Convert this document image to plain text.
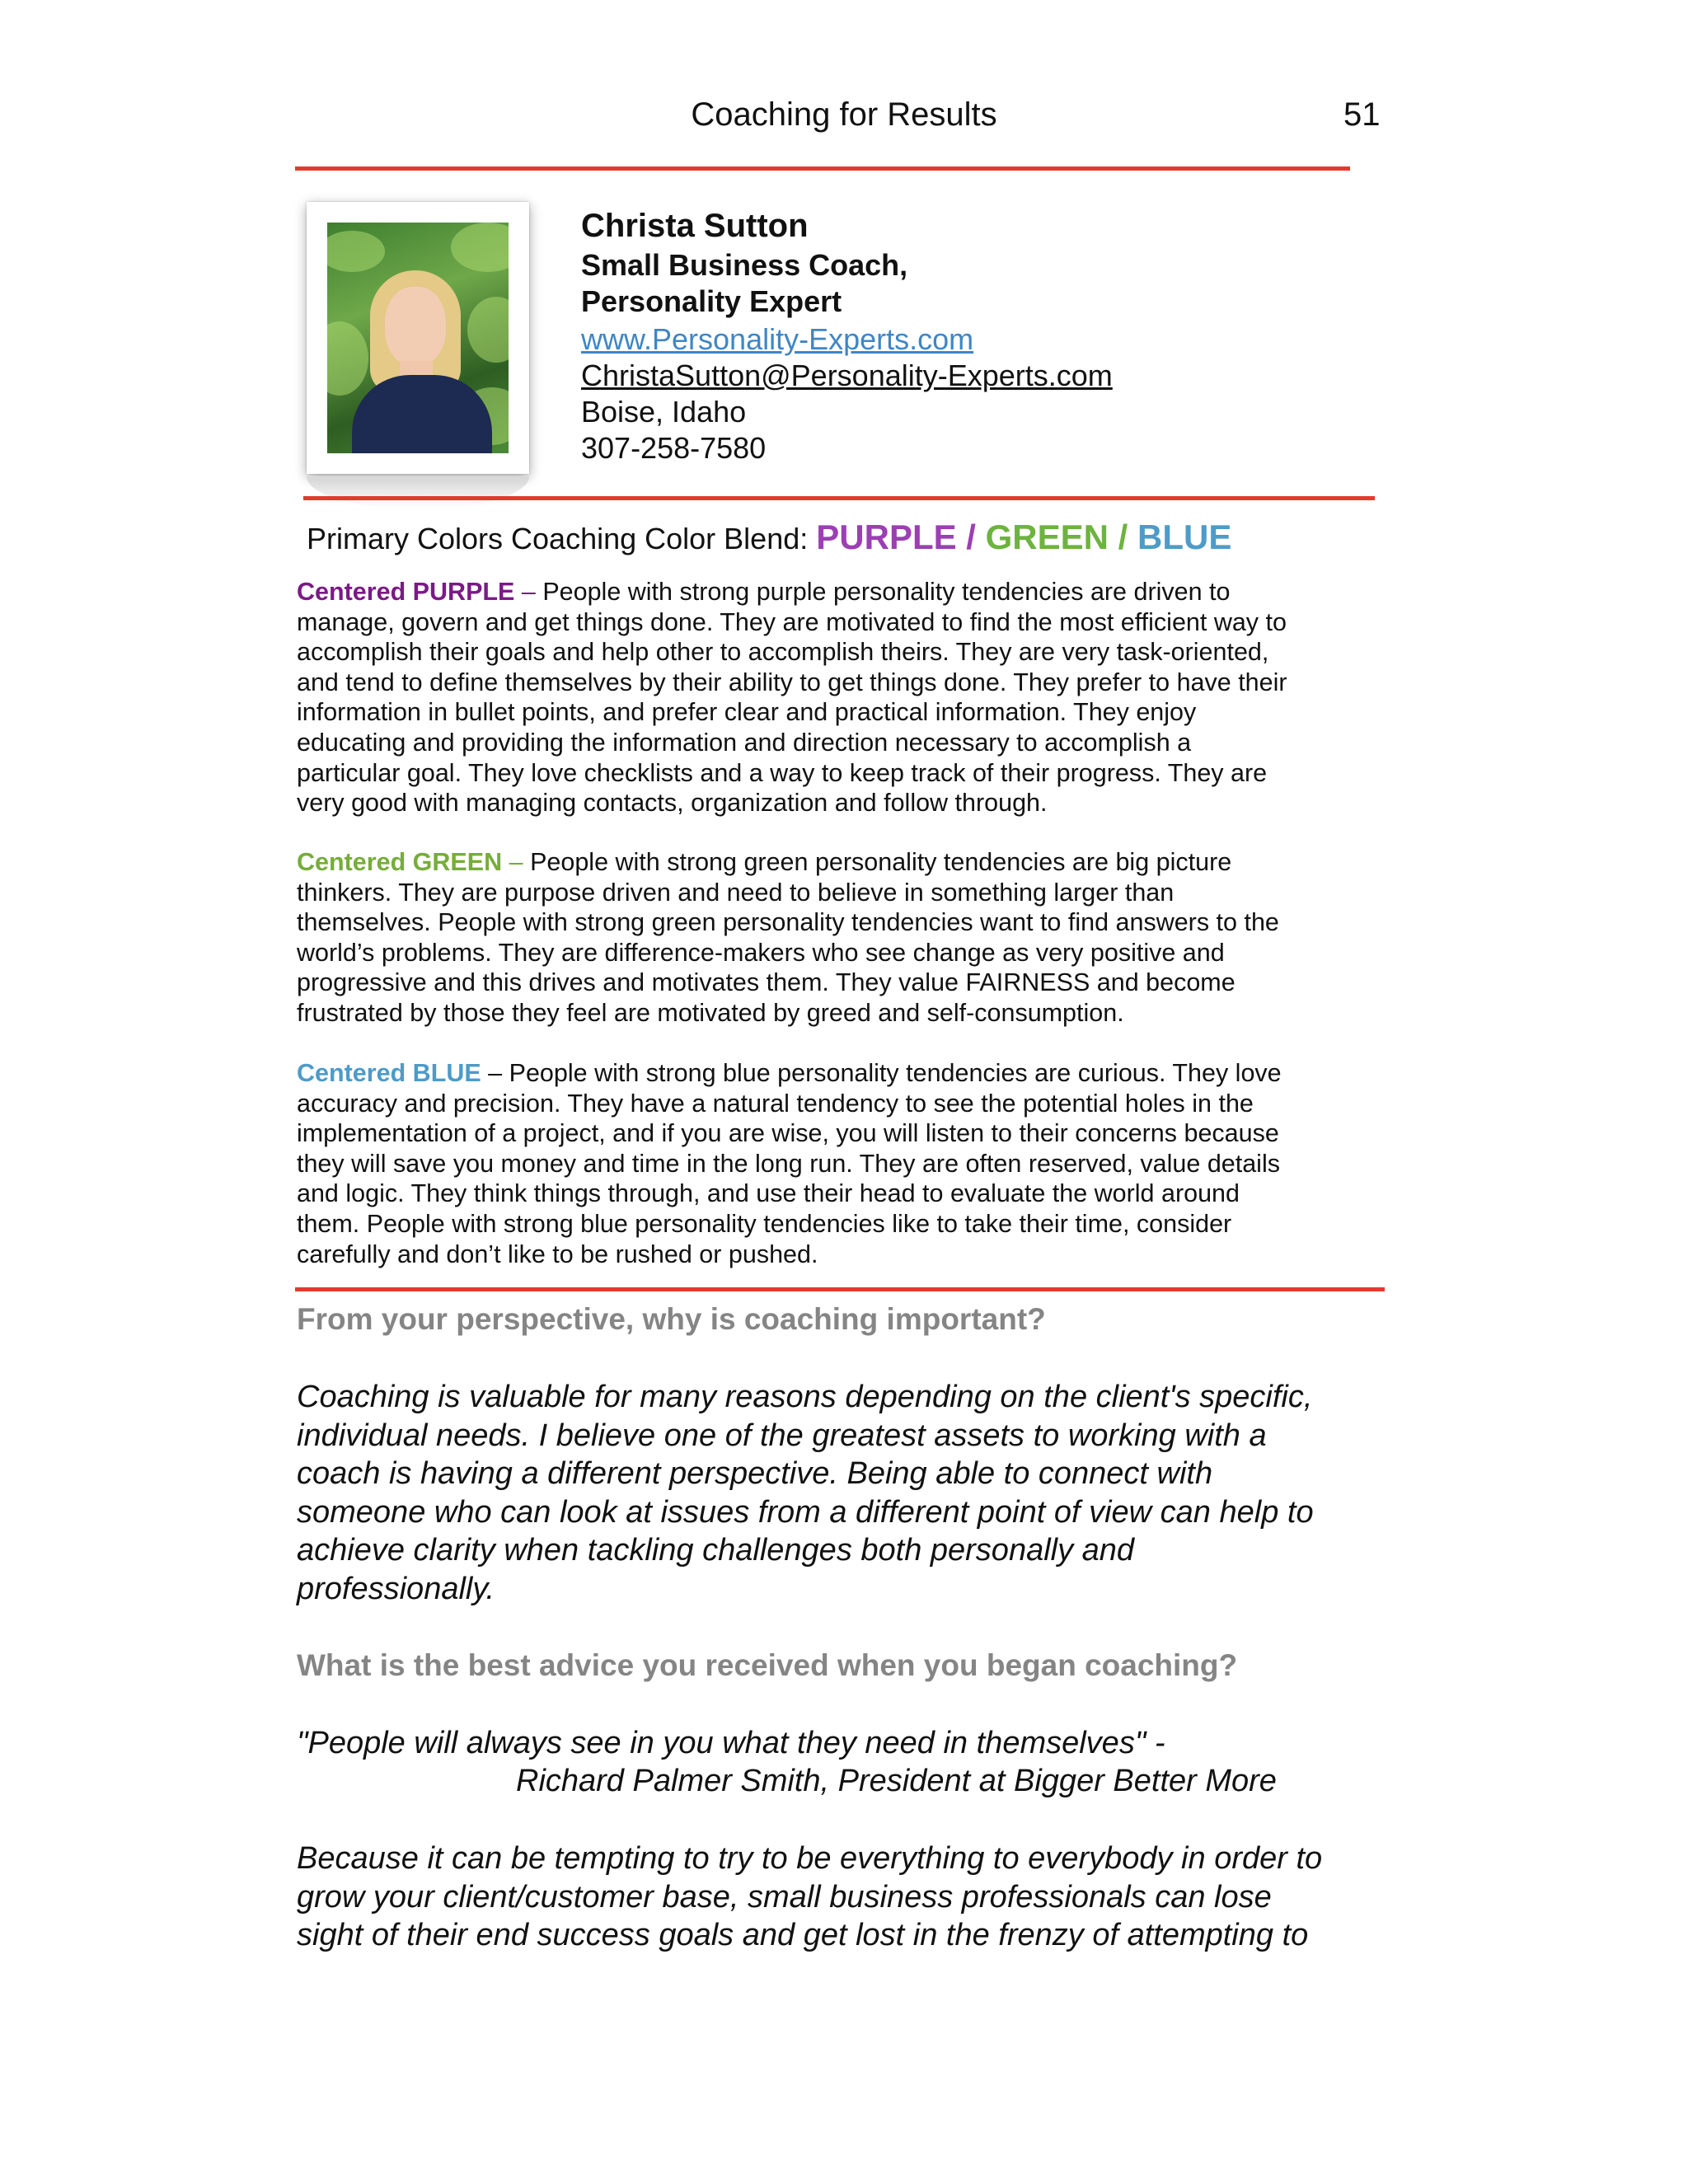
Coaching for Results	51
Christa Sutton
Small Business Coach,
Personality Expert
www.Personality-Experts.com
ChristaSutton@Personality-Experts.com
Boise, Idaho
307-258-7580
Primary Colors Coaching Color Blend: PURPLE / GREEN / BLUE
Centered PURPLE – People with strong purple personality tendencies are driven to
manage, govern and get things done. They are motivated to find the most efficient way to
accomplish their goals and help other to accomplish theirs. They are very task-oriented,
and tend to define themselves by their ability to get things done. They prefer to have their
information in bullet points, and prefer clear and practical information. They enjoy
educating and providing the information and direction necessary to accomplish a
particular goal. They love checklists and a way to keep track of their progress. They are
very good with managing contacts, organization and follow through.
Centered GREEN – People with strong green personality tendencies are big picture
thinkers. They are purpose driven and need to believe in something larger than
themselves. People with strong green personality tendencies want to find answers to the
world’s problems. They are difference-makers who see change as very positive and
progressive and this drives and motivates them. They value FAIRNESS and become
frustrated by those they feel are motivated by greed and self-consumption.
Centered BLUE – People with strong blue personality tendencies are curious. They love
accuracy and precision. They have a natural tendency to see the potential holes in the
implementation of a project, and if you are wise, you will listen to their concerns because
they will save you money and time in the long run. They are often reserved, value details
and logic. They think things through, and use their head to evaluate the world around
them. People with strong blue personality tendencies like to take their time, consider
carefully and don’t like to be rushed or pushed.
From your perspective, why is coaching important?
Coaching is valuable for many reasons depending on the client's specific,
individual needs. I believe one of the greatest assets to working with a
coach is having a different perspective. Being able to connect with
someone who can look at issues from a different point of view can help to
achieve clarity when tackling challenges both personally and
professionally.
What is the best advice you received when you began coaching?
"People will always see in you what they need in themselves" -
Richard Palmer Smith, President at Bigger Better More
Because it can be tempting to try to be everything to everybody in order to
grow your client/customer base, small business professionals can lose
sight of their end success goals and get lost in the frenzy of attempting to
